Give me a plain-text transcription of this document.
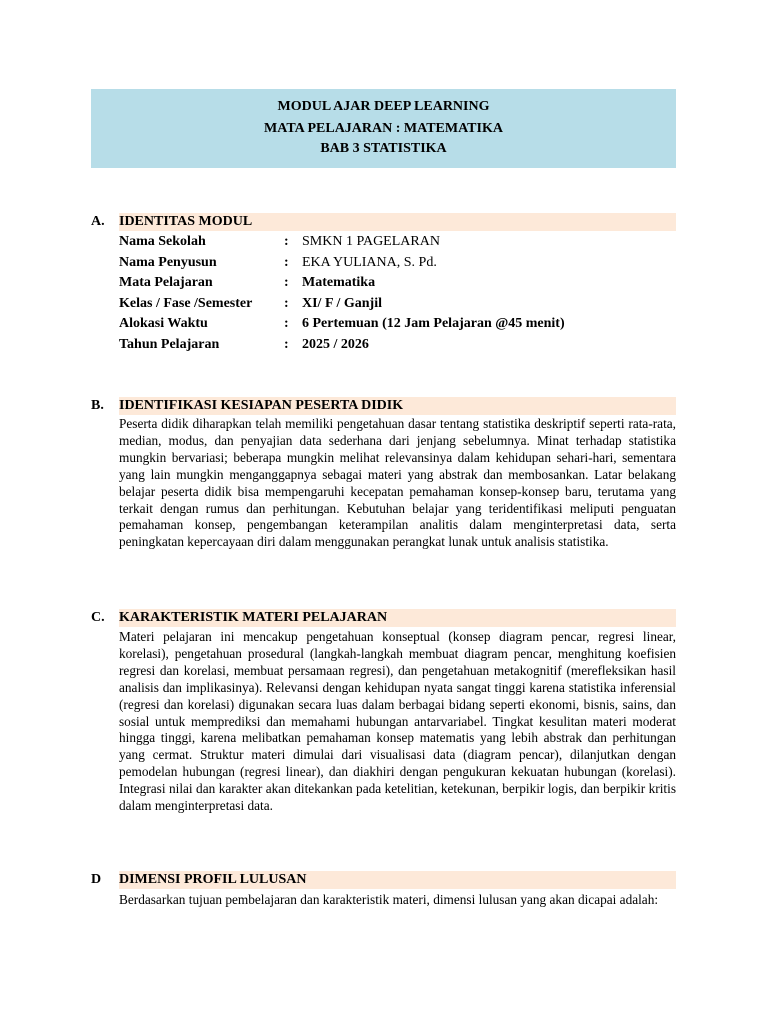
MODUL AJAR DEEP LEARNING
MATA PELAJARAN : MATEMATIKA
BAB 3 STATISTIKA
A. IDENTITAS MODUL
Nama Sekolah	: SMKN 1 PAGELARAN
Nama Penyusun	: EKA YULIANA, S. Pd.
Mata Pelajaran	: Matematika
Kelas / Fase /Semester : XI/ F / Ganjil
Alokasi Waktu	: 6 Pertemuan (12 Jam Pelajaran @45 menit)
Tahun Pelajaran	: 2025 / 2026
B. IDENTIFIKASI KESIAPAN PESERTA DIDIK
Peserta didik diharapkan telah memiliki pengetahuan dasar tentang statistika deskriptif seperti rata-rata, median, modus, dan penyajian data sederhana dari jenjang sebelumnya. Minat terhadap statistika mungkin bervariasi; beberapa mungkin melihat relevansinya dalam kehidupan sehari-hari, sementara yang lain mungkin menganggapnya sebagai materi yang abstrak dan membosankan. Latar belakang belajar peserta didik bisa mempengaruhi kecepatan pemahaman konsep-konsep baru, terutama yang terkait dengan rumus dan perhitungan. Kebutuhan belajar yang teridentifikasi meliputi penguatan pemahaman konsep, pengembangan keterampilan analitis dalam menginterpretasi data, serta peningkatan kepercayaan diri dalam menggunakan perangkat lunak untuk analisis statistika.
C. KARAKTERISTIK MATERI PELAJARAN
Materi pelajaran ini mencakup pengetahuan konseptual (konsep diagram pencar, regresi linear, korelasi), pengetahuan prosedural (langkah-langkah membuat diagram pencar, menghitung koefisien regresi dan korelasi, membuat persamaan regresi), dan pengetahuan metakognitif (merefleksikan hasil analisis dan implikasinya). Relevansi dengan kehidupan nyata sangat tinggi karena statistika inferensial (regresi dan korelasi) digunakan secara luas dalam berbagai bidang seperti ekonomi, bisnis, sains, dan sosial untuk memprediksi dan memahami hubungan antarvariabel. Tingkat kesulitan materi moderat hingga tinggi, karena melibatkan pemahaman konsep matematis yang lebih abstrak dan perhitungan yang cermat. Struktur materi dimulai dari visualisasi data (diagram pencar), dilanjutkan dengan pemodelan hubungan (regresi linear), dan diakhiri dengan pengukuran kekuatan hubungan (korelasi). Integrasi nilai dan karakter akan ditekankan pada ketelitian, ketekunan, berpikir logis, dan berpikir kritis dalam menginterpretasi data.
D DIMENSI PROFIL LULUSAN
Berdasarkan tujuan pembelajaran dan karakteristik materi, dimensi lulusan yang akan dicapai adalah:
